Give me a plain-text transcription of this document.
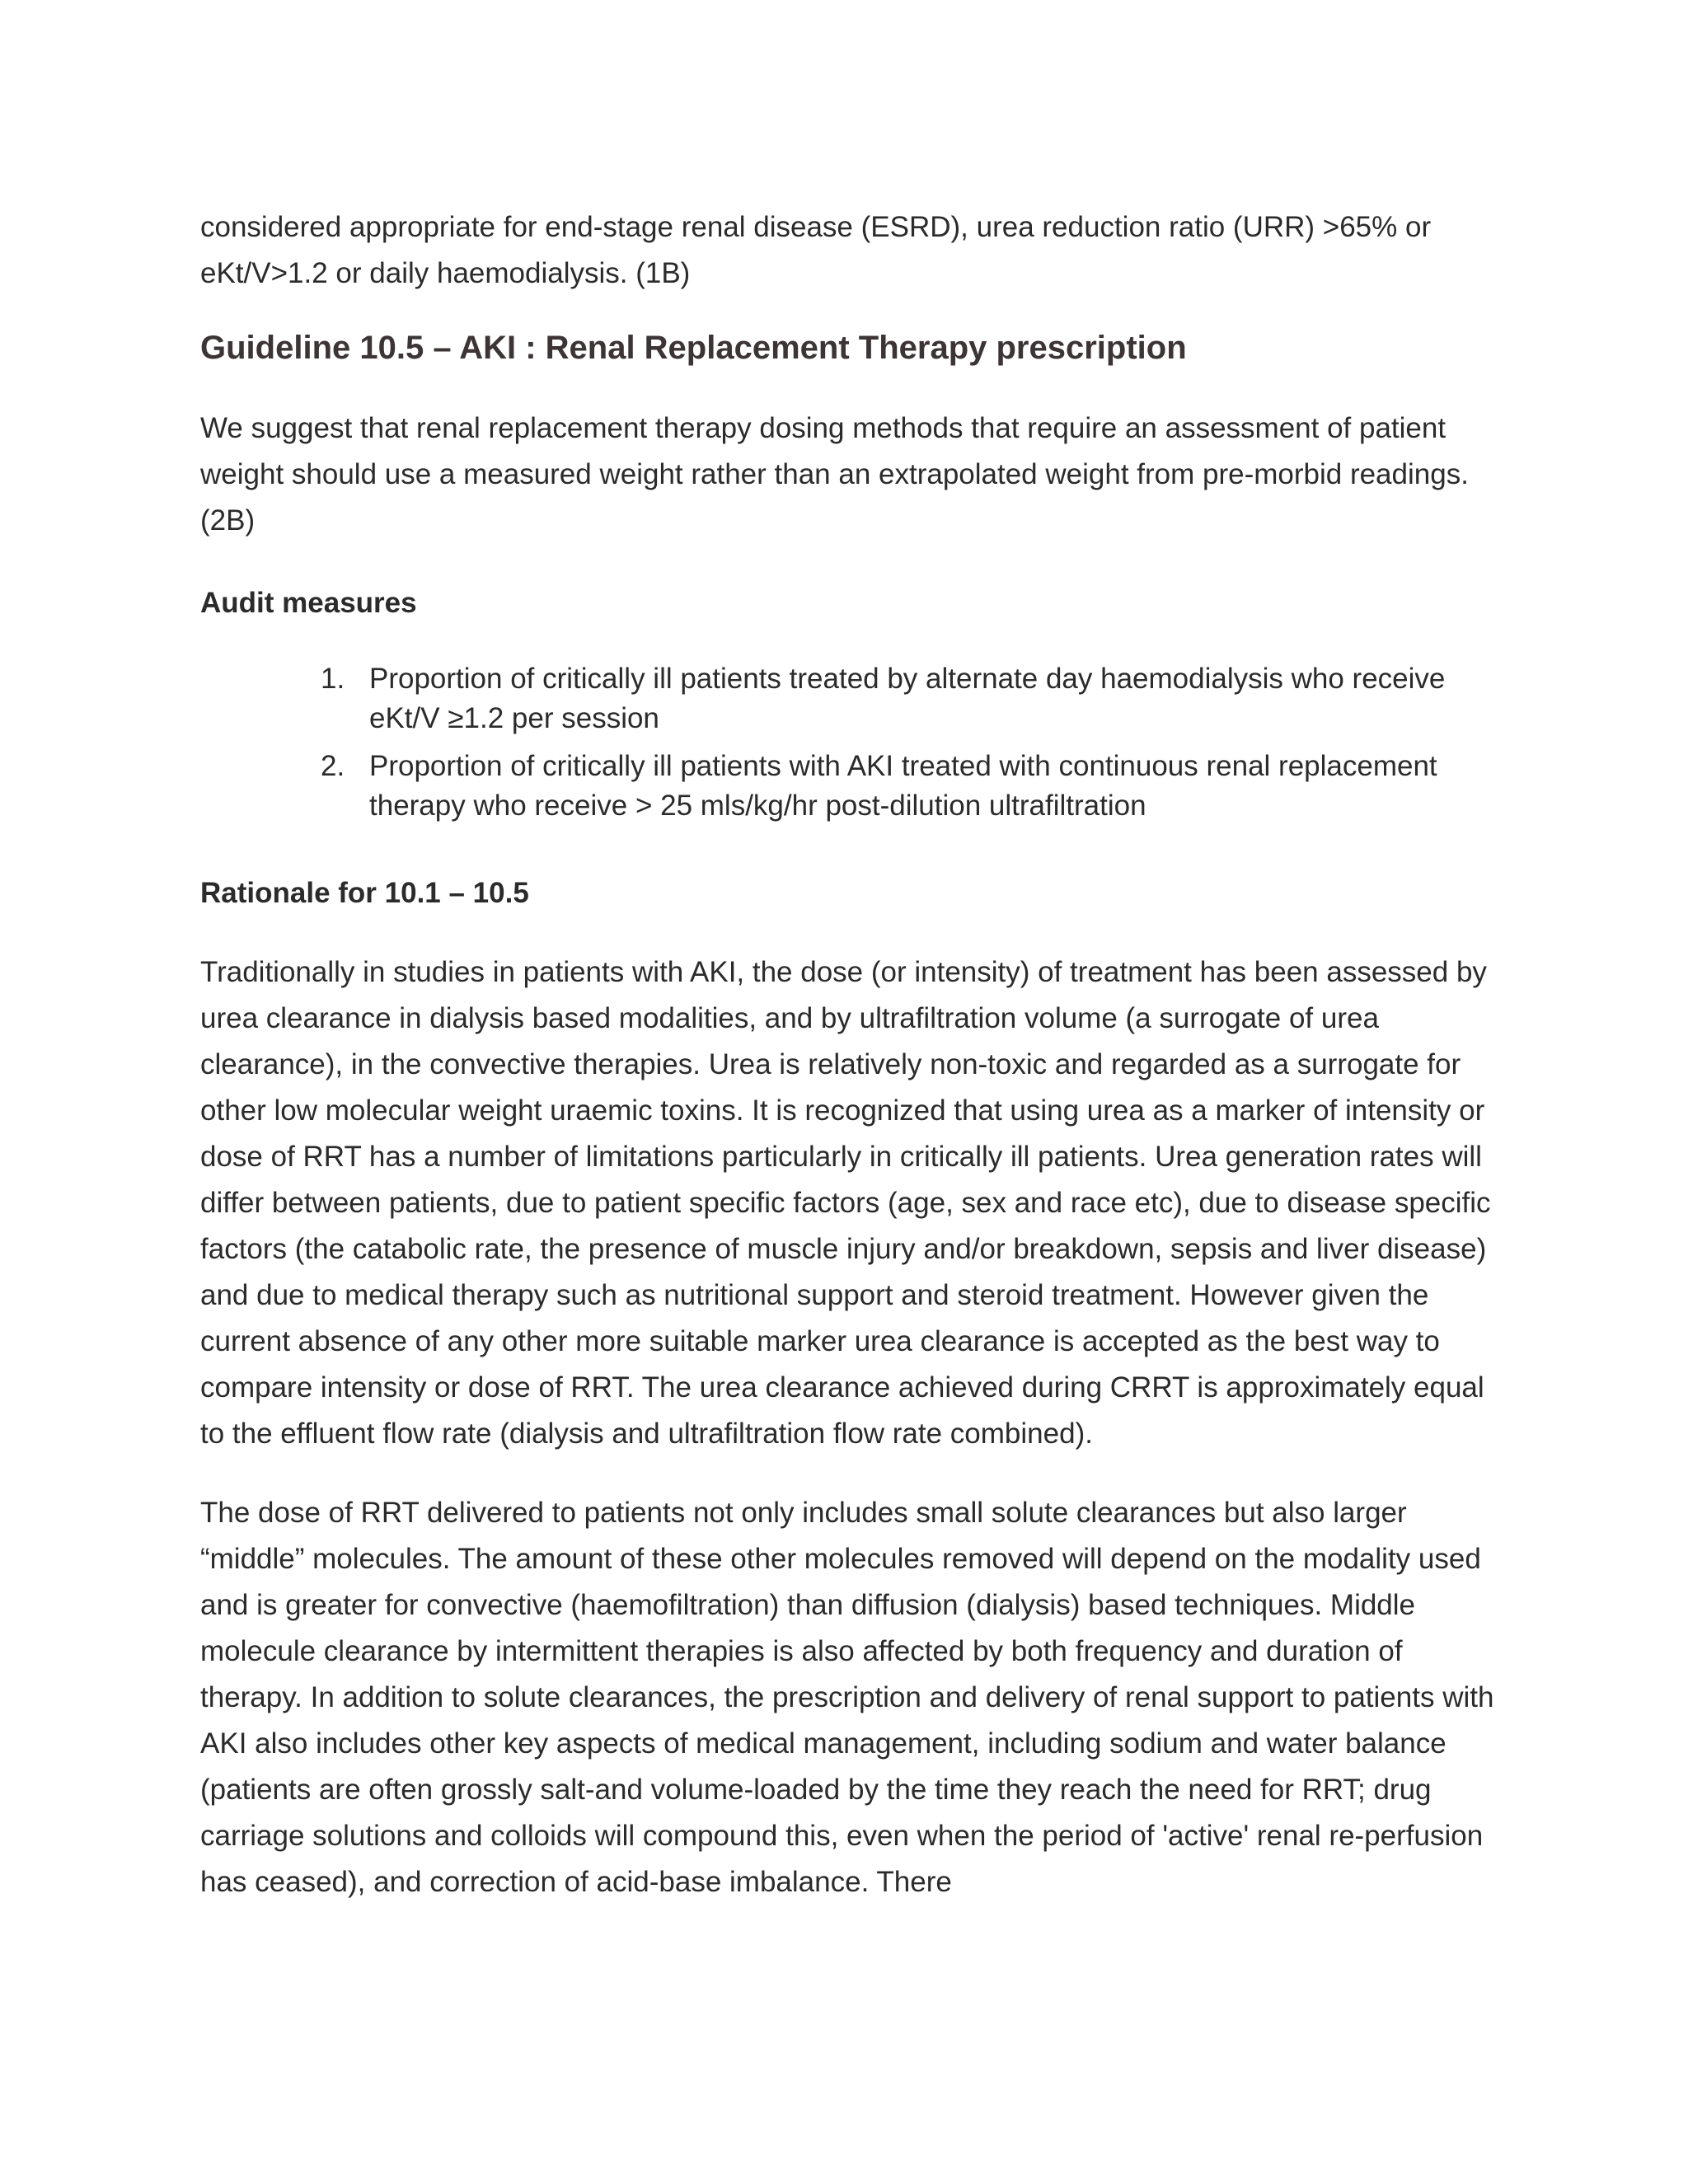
considered appropriate for end-stage renal disease (ESRD), urea reduction ratio (URR) >65% or eKt/V>1.2 or daily haemodialysis. (1B)

Guideline 10.5 – AKI : Renal Replacement Therapy prescription

We suggest that renal replacement therapy dosing methods that require an assessment of patient weight should use a measured weight rather than an extrapolated weight from pre-morbid readings. (2B)

Audit measures
1. Proportion of critically ill patients treated by alternate day haemodialysis who receive eKt/V ≥1.2 per session
2. Proportion of critically ill patients with AKI treated with continuous renal replacement therapy who receive > 25 mls/kg/hr post-dilution ultrafiltration
Rationale for 10.1 – 10.5

Traditionally in studies in patients with AKI, the dose (or intensity) of treatment has been assessed by urea clearance in dialysis based modalities, and by ultrafiltration volume (a surrogate of urea clearance), in the convective therapies. Urea is relatively non-toxic and regarded as a surrogate for other low molecular weight uraemic toxins. It is recognized that using urea as a marker of intensity or dose of RRT has a number of limitations particularly in critically ill patients. Urea generation rates will differ between patients, due to patient specific factors (age, sex and race etc), due to disease specific factors (the catabolic rate, the presence of muscle injury and/or breakdown, sepsis and liver disease) and due to medical therapy such as nutritional support and steroid treatment. However given the current absence of any other more suitable marker urea clearance is accepted as the best way to compare intensity or dose of RRT. The urea clearance achieved during CRRT is approximately equal to the effluent flow rate (dialysis and ultrafiltration flow rate combined).

The dose of RRT delivered to patients not only includes small solute clearances but also larger “middle” molecules. The amount of these other molecules removed will depend on the modality used and is greater for convective (haemofiltration) than diffusion (dialysis) based techniques. Middle molecule clearance by intermittent therapies is also affected by both frequency and duration of therapy. In addition to solute clearances, the prescription and delivery of renal support to patients with AKI also includes other key aspects of medical management, including sodium and water balance (patients are often grossly salt-and volume-loaded by the time they reach the need for RRT; drug carriage solutions and colloids will compound this, even when the period of 'active' renal re-perfusion has ceased), and correction of acid-base imbalance. There
